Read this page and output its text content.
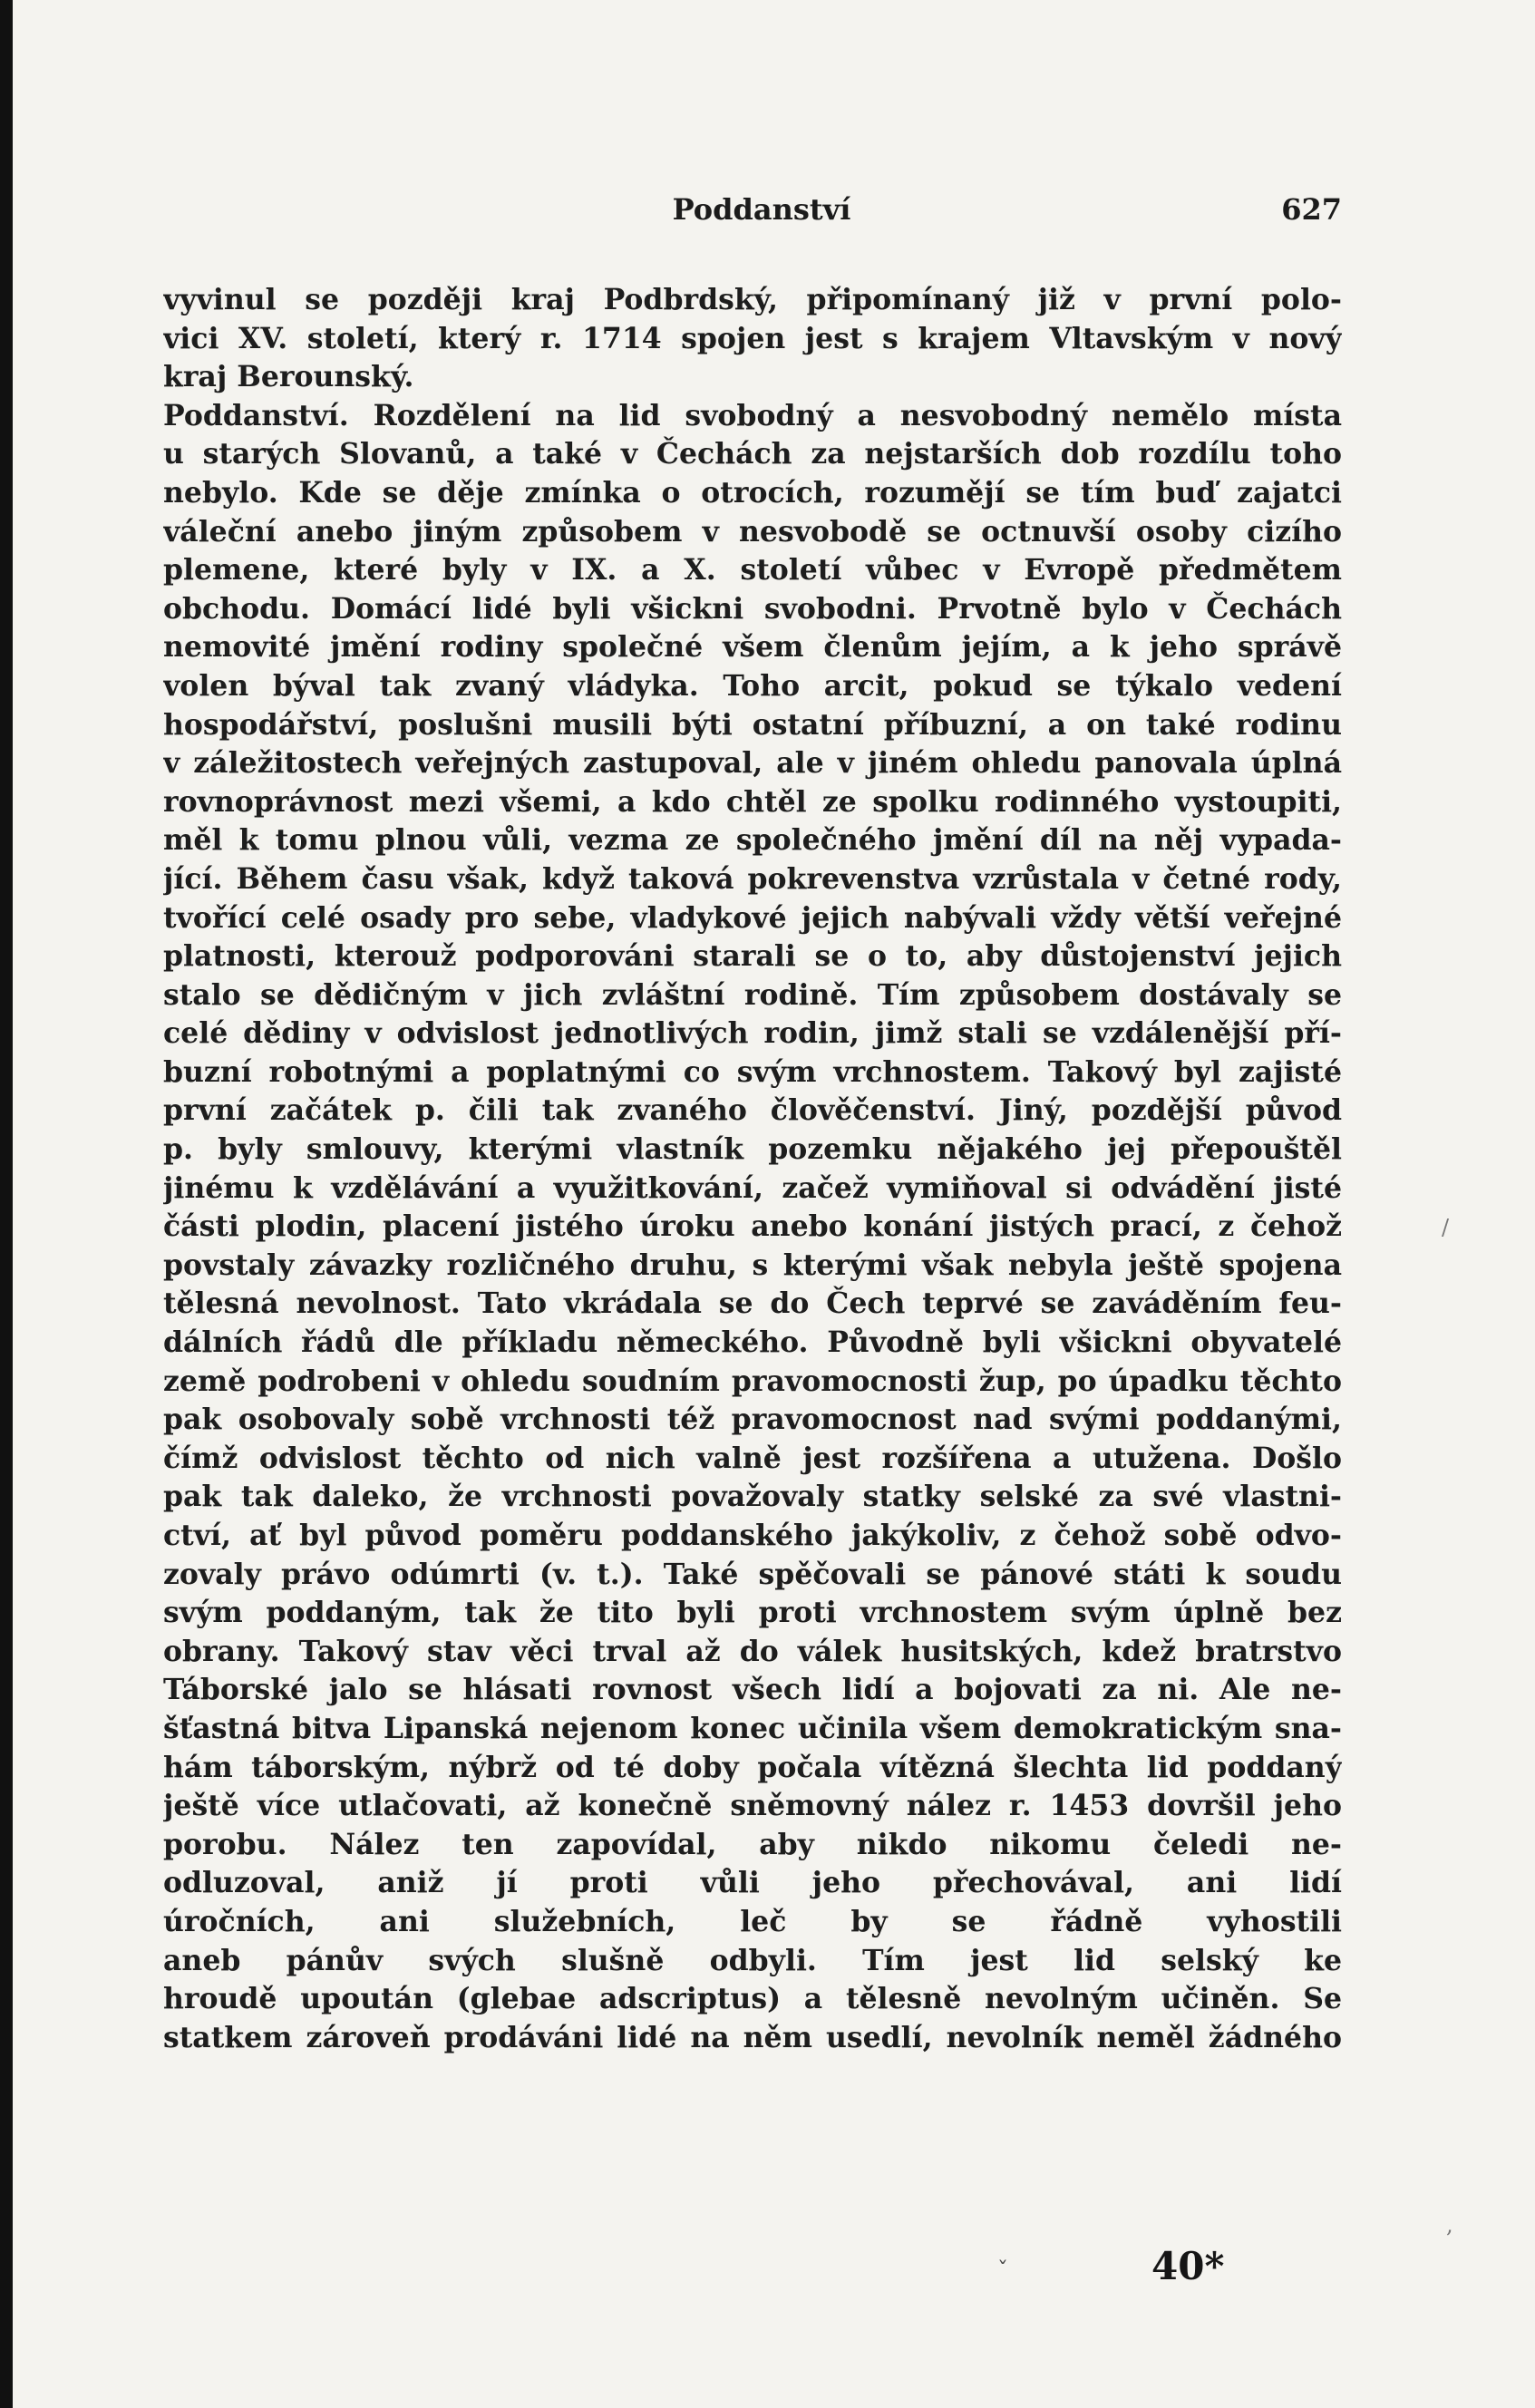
Poddanství	627
vyvinul se později kraj Podbrdský, připomínaný již v první polo-
vici XV. století, který r. 1714 spojen jest s krajem Vltavským v nový
kraj Berounský.
Poddanství. Rozdělení na lid svobodný a nesvobodný nemělo místa
u starých Slovanů, a také v Čechách za nejstarších dob rozdílu toho
nebylo. Kde se děje zmínka o otrocích, rozumějí se tím buď zajatci
váleční anebo jiným způsobem v nesvobodě se octnuvší osoby cizího
plemene, které byly v IX. a X. století vůbec v Evropě předmětem
obchodu. Domácí lidé byli všickni svobodni. Prvotně bylo v Čechách
nemovité jmění rodiny společné všem členům jejím, a k jeho správě
volen býval tak zvaný vládyka. Toho arcit, pokud se týkalo vedení
hospodářství, poslušni musili býti ostatní příbuzní, a on také rodinu
v záležitostech veřejných zastupoval, ale v jiném ohledu panovala úplná
rovnoprávnost mezi všemi, a kdo chtěl ze spolku rodinného vystoupiti,
měl k tomu plnou vůli, vezma ze společného jmění díl na něj vypada-
jící. Během času však, když taková pokrevenstva vzrůstala v četné rody,
tvořící celé osady pro sebe, vladykové jejich nabývali vždy větší veřejné
platnosti, kterouž podporováni starali se o to, aby důstojenství jejich
stalo se dědičným v jich zvláštní rodině. Tím způsobem dostávaly se
celé dědiny v odvislost jednotlivých rodin, jimž stali se vzdálenější pří-
buzní robotnými a poplatnými co svým vrchnostem. Takový byl zajisté
první začátek p. čili tak zvaného člověčenství. Jiný, pozdější původ
p. byly smlouvy, kterými vlastník pozemku nějakého jej přepouštěl
jinému k vzdělávání a využitkování, začež vymiňoval si odvádění jisté
části plodin, placení jistého úroku anebo konání jistých prací, z čehož
povstaly závazky rozličného druhu, s kterými však nebyla ještě spojena
tělesná nevolnost. Tato vkrádala se do Čech teprvé se zaváděním feu-
dálních řádů dle příkladu německého. Původně byli všickni obyvatelé
země podrobeni v ohledu soudním pravomocnosti žup, po úpadku těchto
pak osobovaly sobě vrchnosti též pravomocnost nad svými poddanými,
čímž odvislost těchto od nich valně jest rozšířena a utužena. Došlo
pak tak daleko, že vrchnosti považovaly statky selské za své vlastni-
ctví, ať byl původ poměru poddanského jakýkoliv, z čehož sobě odvo-
zovaly právo odúmrti (v. t.). Také spěčovali se pánové státi k soudu
svým poddaným, tak že tito byli proti vrchnostem svým úplně bez
obrany. Takový stav věci trval až do válek husitských, kdež bratrstvo
Táborské jalo se hlásati rovnost všech lidí a bojovati za ni. Ale ne-
šťastná bitva Lipanská nejenom konec učinila všem demokratickým sna-
hám táborským, nýbrž od té doby počala vítězná šlechta lid poddaný
ještě více utlačovati, až konečně sněmovný nález r. 1453 dovršil jeho
porobu. Nález ten zapovídal, aby nikdo nikomu čeledi ne-
odluzoval, aniž jí proti vůli jeho přechovával, ani lidí
úročních, ani služebních, leč by se řádně vyhostili
aneb pánův svých slušně odbyli. Tím jest lid selský ke
hroudě upoután (glebae adscriptus) a tělesně nevolným učiněn. Se
statkem zároveň prodáváni lidé na něm usedlí, nevolník neměl žádného
40*
ˇ
/
,
